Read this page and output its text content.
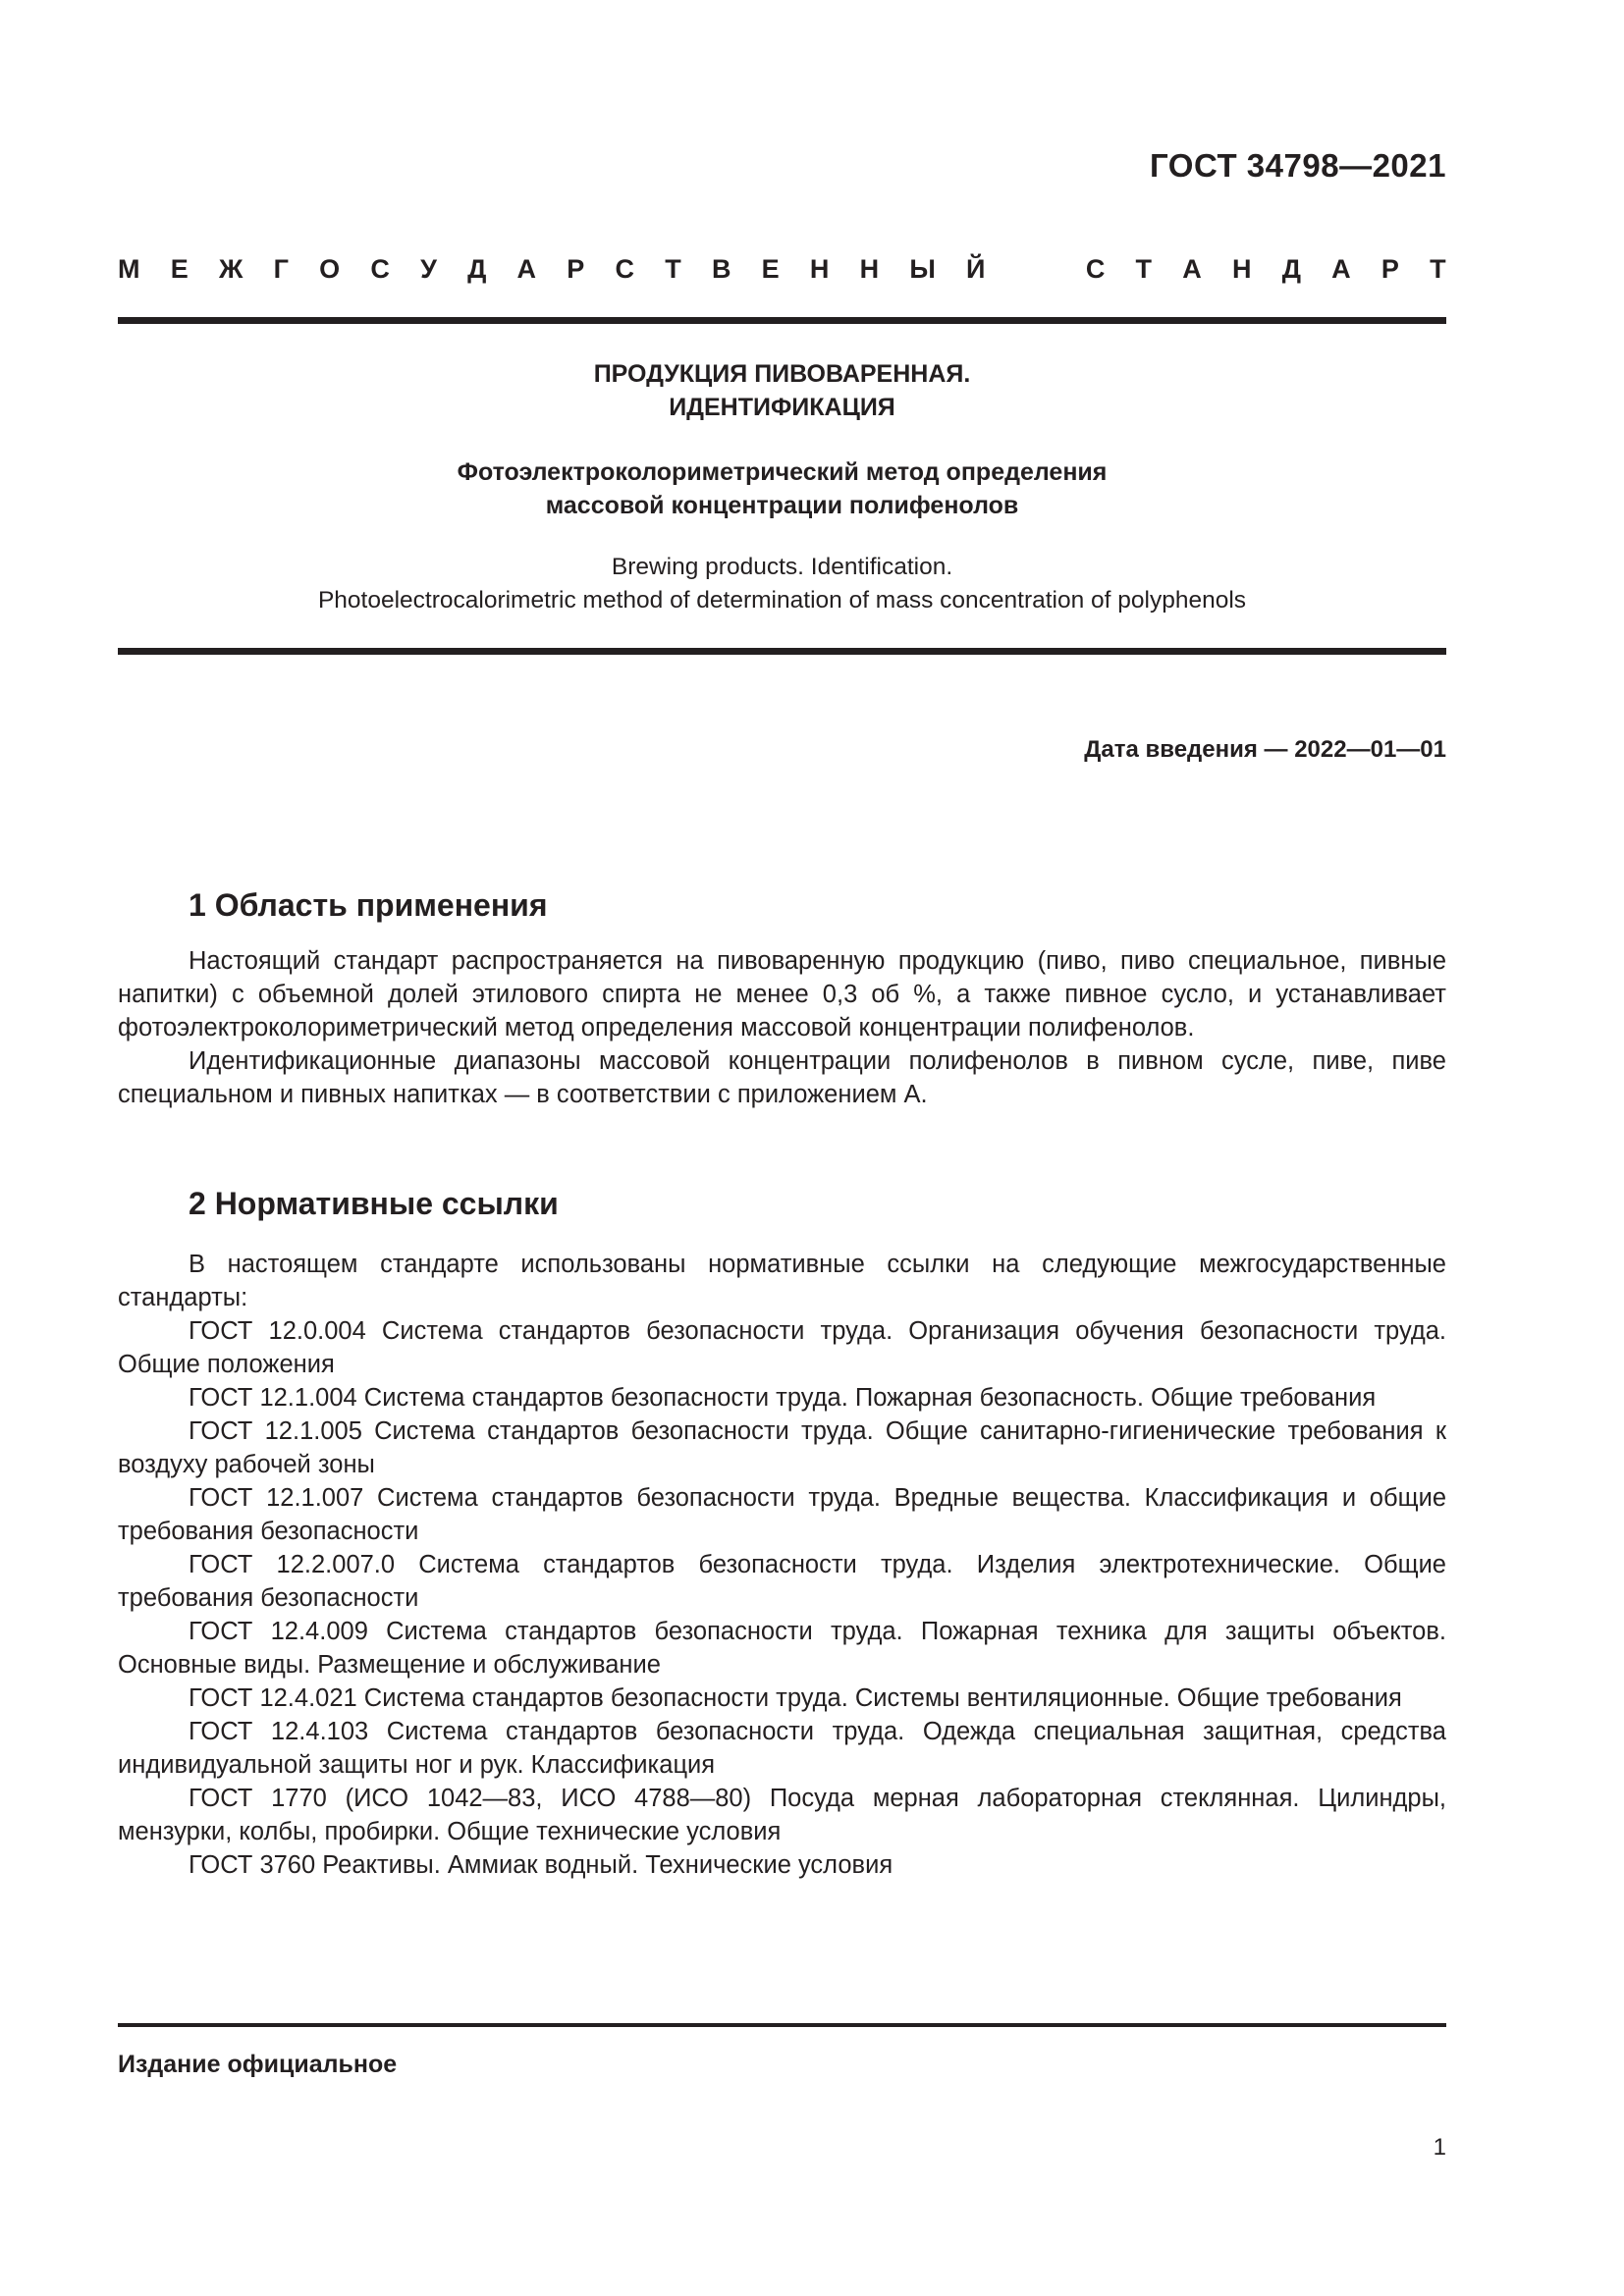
ГОСТ 34798—2021
М Е Ж Г О С У Д А Р С Т В Е Н Н Ы Й	С Т А Н Д А Р Т
ПРОДУКЦИЯ ПИВОВАРЕННАЯ.
ИДЕНТИФИКАЦИЯ
Фотоэлектроколориметрический метод определения
массовой концентрации полифенолов
Brewing products. Identification.
Photoelectrocalorimetric method of determination of mass concentration of polyphenols
Дата введения — 2022—01—01
1 Область применения

Настоящий стандарт распространяется на пивоваренную продукцию (пиво, пиво специальное, пивные напитки) с объемной долей этилового спирта не менее 0,3 об %, а также пивное сусло, и устанавливает фотоэлектроколориметрический метод определения массовой концентрации полифенолов.

Идентификационные диапазоны массовой концентрации полифенолов в пивном сусле, пиве, пиве специальном и пивных напитках — в соответствии с приложением А.

2 Нормативные ссылки

В настоящем стандарте использованы нормативные ссылки на следующие межгосударственные стандарты:

ГОСТ 12.0.004 Система стандартов безопасности труда. Организация обучения безопасности труда. Общие положения

ГОСТ 12.1.004 Система стандартов безопасности труда. Пожарная безопасность. Общие требования

ГОСТ 12.1.005 Система стандартов безопасности труда. Общие санитарно-гигиенические требования к воздуху рабочей зоны

ГОСТ 12.1.007 Система стандартов безопасности труда. Вредные вещества. Классификация и общие требования безопасности

ГОСТ 12.2.007.0 Система стандартов безопасности труда. Изделия электротехнические. Общие требования безопасности

ГОСТ 12.4.009 Система стандартов безопасности труда. Пожарная техника для защиты объектов. Основные виды. Размещение и обслуживание

ГОСТ 12.4.021 Система стандартов безопасности труда. Системы вентиляционные. Общие требования

ГОСТ 12.4.103 Система стандартов безопасности труда. Одежда специальная защитная, средства индивидуальной защиты ног и рук. Классификация

ГОСТ 1770 (ИСО 1042—83, ИСО 4788—80) Посуда мерная лабораторная стеклянная. Цилиндры, мензурки, колбы, пробирки. Общие технические условия

ГОСТ 3760 Реактивы. Аммиак водный. Технические условия

Издание официальное
1
